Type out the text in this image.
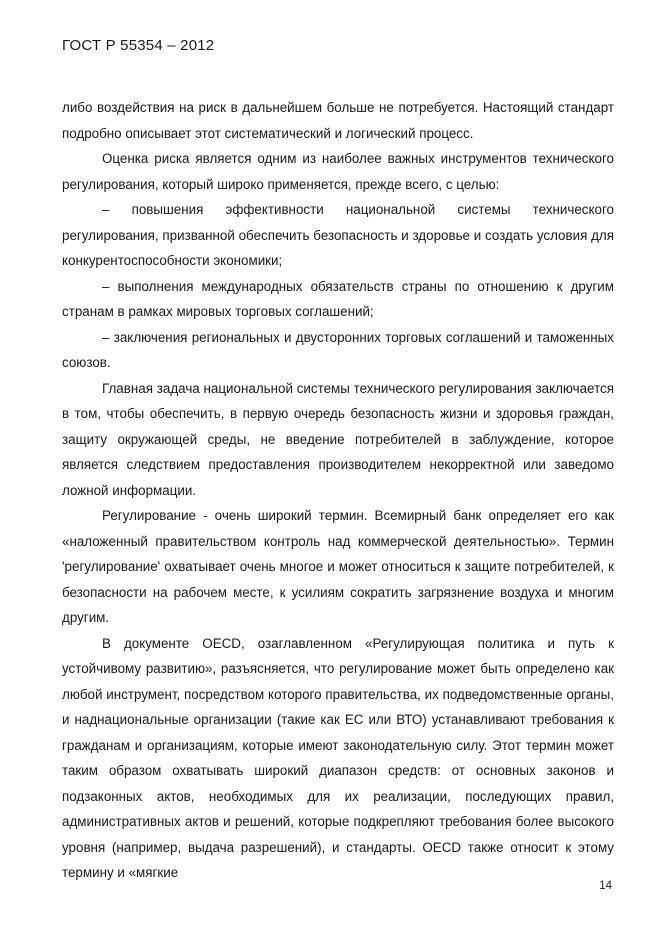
ГОСТ Р 55354 – 2012

либо воздействия на риск в дальнейшем больше не потребуется. Настоящий стандарт подробно описывает этот систематический и логический процесс.

Оценка риска является одним из наиболее важных инструментов технического регулирования, который широко применяется, прежде всего, с целью:

– повышения эффективности национальной системы технического регулирования, призванной обеспечить безопасность и здоровье и создать условия для конкурентоспособности экономики;

– выполнения международных обязательств страны по отношению к другим странам в рамках мировых торговых соглашений;

– заключения региональных и двусторонних торговых соглашений и таможенных союзов.

Главная задача национальной системы технического регулирования заключается в том, чтобы обеспечить, в первую очередь безопасность жизни и здоровья граждан, защиту окружающей среды, не введение потребителей в заблуждение, которое является следствием предоставления производителем некорректной или заведомо ложной информации.

Регулирование - очень широкий термин. Всемирный банк определяет его как «наложенный правительством контроль над коммерческой деятельностью». Термин 'регулирование' охватывает очень многое и может относиться к защите потребителей, к безопасности на рабочем месте, к усилиям сократить загрязнение воздуха и многим другим.

В документе OECD, озаглавленном «Регулирующая политика и путь к устойчивому развитию», разъясняется, что регулирование может быть определено как любой инструмент, посредством которого правительства, их подведомственные органы, и наднациональные организации (такие как ЕС или ВТО) устанавливают требования к гражданам и организациям, которые имеют законодательную силу. Этот термин может таким образом охватывать широкий диапазон средств: от основных законов и подзаконных актов, необходимых для их реализации, последующих правил, административных актов и решений, которые подкрепляют требования более высокого уровня (например, выдача разрешений), и стандарты. OECD также относит к этому термину и «мягкие

14
